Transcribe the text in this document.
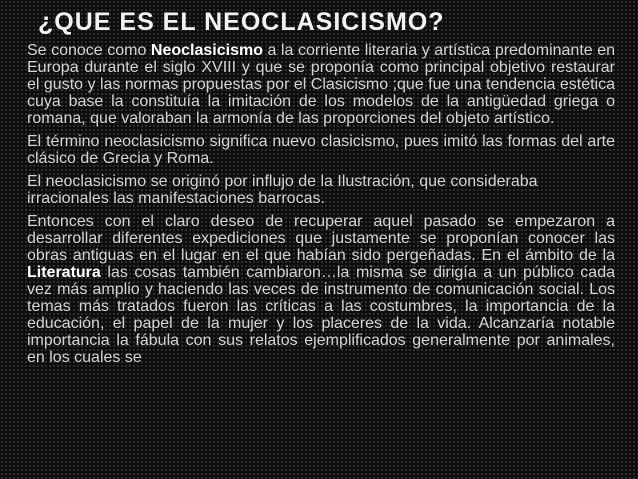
¿QUE ES EL NEOCLASICISMO?

Se conoce como Neoclasicismo a la corriente literaria y artística predominante en Europa durante el siglo XVIII y que se proponía como principal objetivo restaurar el gusto y las normas propuestas por el Clasicismo ;que fue una tendencia estética cuya base la constituía la imitación de los modelos de la antigüedad griega o romana, que valoraban la armonía de las proporciones del objeto artístico.

El término neoclasicismo significa nuevo clasicismo, pues imitó las formas del arte clásico de Grecia y Roma.

El neoclasicismo se originó por influjo de la Ilustración, que consideraba

irracionales las manifestaciones barrocas.

Entonces con el claro deseo de recuperar aquel pasado se empezaron a desarrollar diferentes expediciones que justamente se proponían conocer las obras antiguas en el lugar en el que habían sido pergeñadas. En el ámbito de la Literatura las cosas también cambiaron…la misma se dirigía a un público cada vez más amplio y haciendo las veces de instrumento de comunicación social. Los temas más tratados fueron las críticas a las costumbres, la importancia de la educación, el papel de la mujer y los placeres de la vida. Alcanzaría notable importancia la fábula con sus relatos ejemplificados generalmente por animales, en los cuales se
